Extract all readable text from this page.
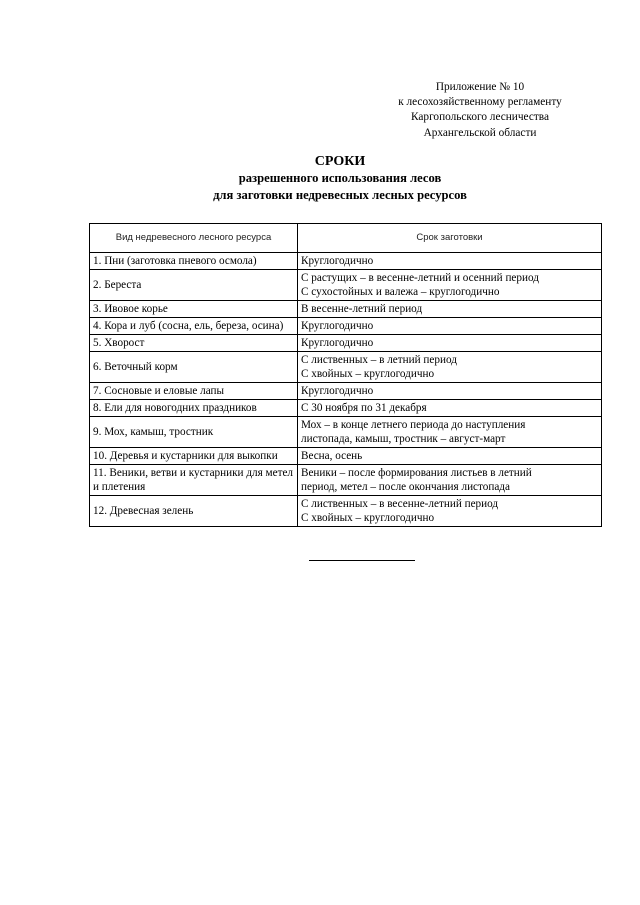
Приложение № 10
к лесохозяйственному регламенту
Каргопольского лесничества
Архангельской области
СРОКИ
разрешенного использования лесов
для заготовки недревесных лесных ресурсов
Вид недревесного лесного ресурса	Срок заготовки
1. Пни (заготовка пневого осмола)	Круглогодично

2. Береста	С растущих – в весенне-летний и осенний период
С сухостойных и валежа – круглогодично

3. Ивовое корье	В весенне-летний период

4. Кора и луб (сосна, ель, береза, осина)	Круглогодично

5. Хворост	Круглогодично

6. Веточный корм	С лиственных – в летний период
С хвойных – круглогодично

7. Сосновые и еловые лапы	Круглогодично

8. Ели для новогодних праздников	С 30 ноября по 31 декабря

9. Мох, камыш, тростник	Мох – в конце летнего периода до наступления
листопада, камыш, тростник – август-март

10. Деревья и кустарники для выкопки	Весна, осень

11. Веники, ветви и кустарники для метел и плетения	Веники – после формирования листьев в летний
период, метел – после окончания листопада

12. Древесная зелень	С лиственных – в весенне-летний период
С хвойных – круглогодично
